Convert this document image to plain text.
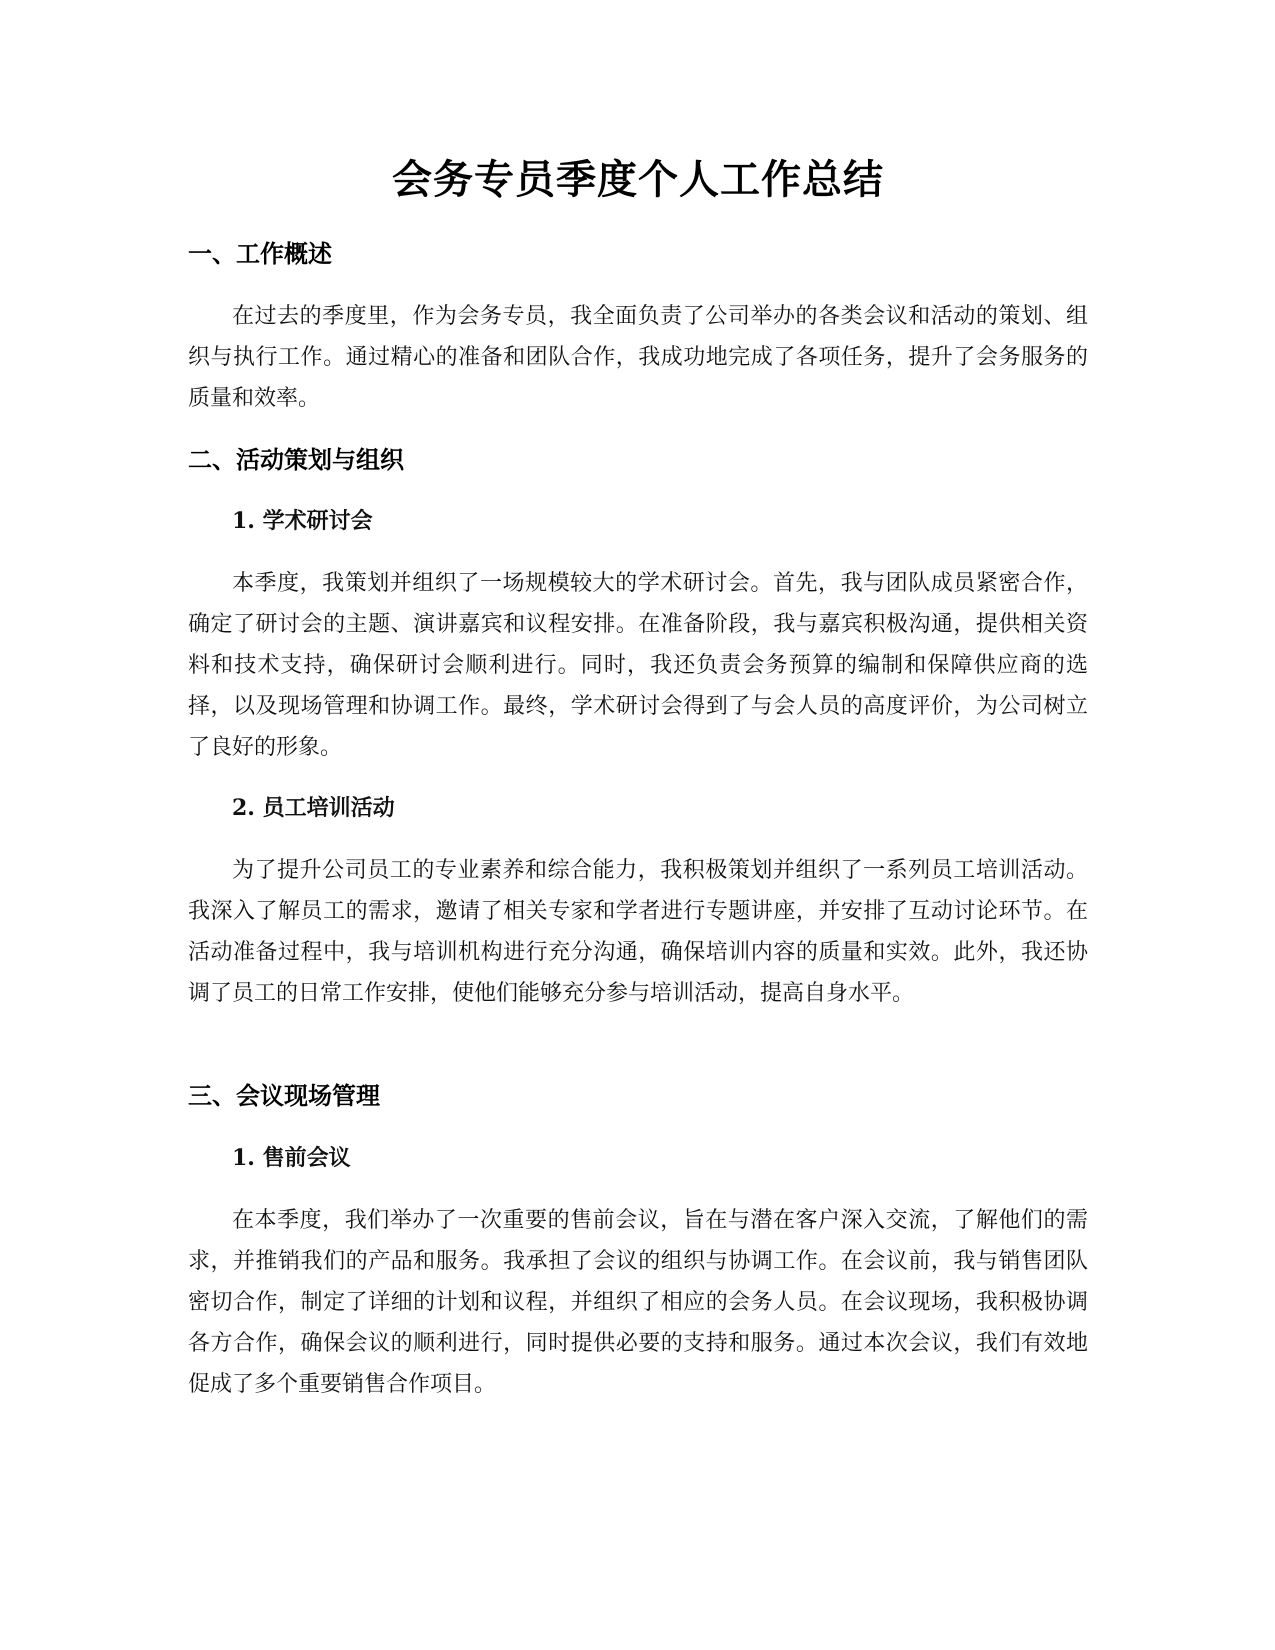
会务专员季度个人工作总结
一、工作概述

在过去的季度里，作为会务专员，我全面负责了公司举办的各类会议和活动的策划、组织与执行工作。通过精心的准备和团队合作，我成功地完成了各项任务，提升了会务服务的质量和效率。

二、活动策划与组织
1. 学术研讨会

本季度，我策划并组织了一场规模较大的学术研讨会。首先，我与团队成员紧密合作，确定了研讨会的主题、演讲嘉宾和议程安排。在准备阶段，我与嘉宾积极沟通，提供相关资料和技术支持，确保研讨会顺利进行。同时，我还负责会务预算的编制和保障供应商的选择，以及现场管理和协调工作。最终，学术研讨会得到了与会人员的高度评价，为公司树立了良好的形象。

2. 员工培训活动

为了提升公司员工的专业素养和综合能力，我积极策划并组织了一系列员工培训活动。我深入了解员工的需求，邀请了相关专家和学者进行专题讲座，并安排了互动讨论环节。在活动准备过程中，我与培训机构进行充分沟通，确保培训内容的质量和实效。此外，我还协调了员工的日常工作安排，使他们能够充分参与培训活动，提高自身水平。

三、会议现场管理
1. 售前会议

在本季度，我们举办了一次重要的售前会议，旨在与潜在客户深入交流，了解他们的需求，并推销我们的产品和服务。我承担了会议的组织与协调工作。在会议前，我与销售团队密切合作，制定了详细的计划和议程，并组织了相应的会务人员。在会议现场，我积极协调各方合作，确保会议的顺利进行，同时提供必要的支持和服务。通过本次会议，我们有效地促成了多个重要销售合作项目。
